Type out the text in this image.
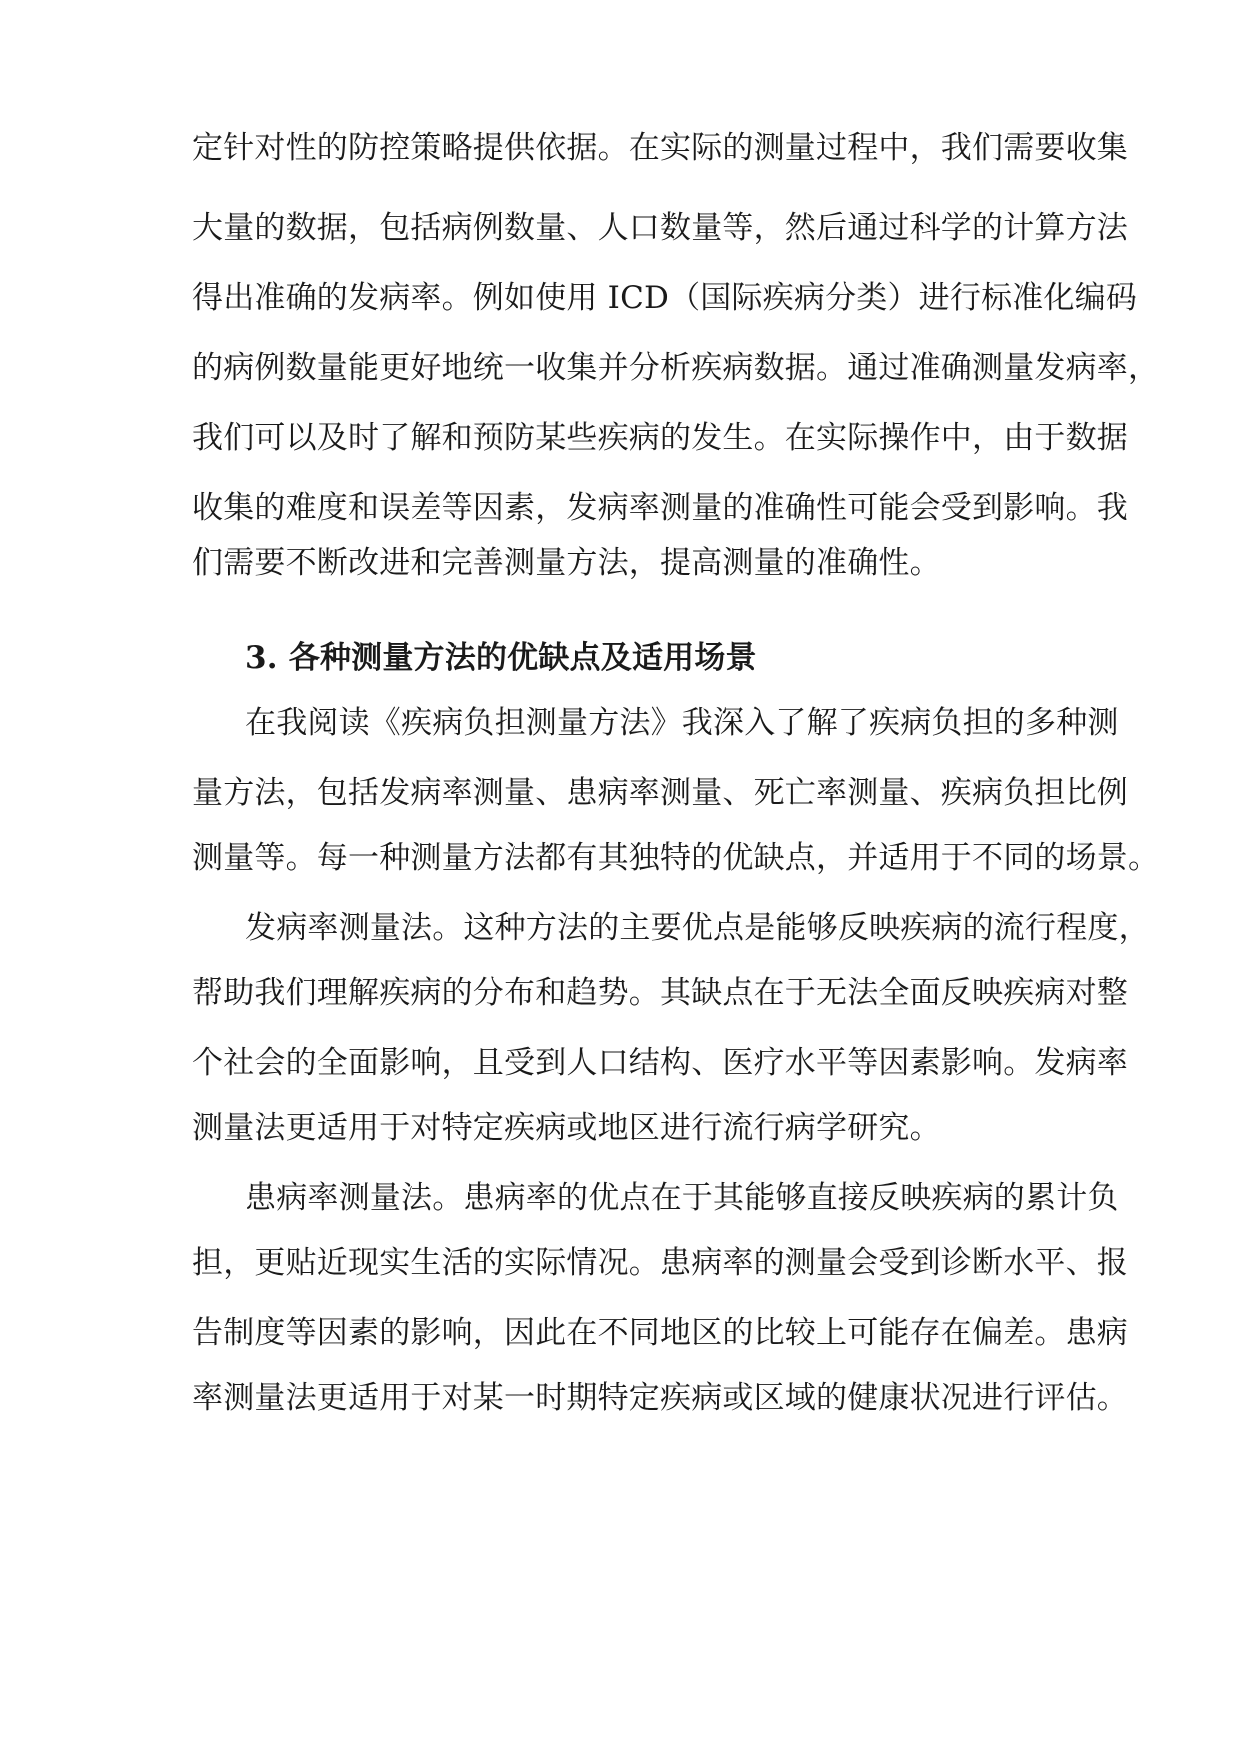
定针对性的防控策略提供依据。在实际的测量过程中，我们需要收集
大量的数据，包括病例数量、人口数量等，然后通过科学的计算方法
得出准确的发病率。例如使用 ICD（国际疾病分类）进行标准化编码
的病例数量能更好地统一收集并分析疾病数据。通过准确测量发病率，
我们可以及时了解和预防某些疾病的发生。在实际操作中，由于数据
收集的难度和误差等因素，发病率测量的准确性可能会受到影响。我
们需要不断改进和完善测量方法，提高测量的准确性。
3. 各种测量方法的优缺点及适用场景
在我阅读《疾病负担测量方法》我深入了解了疾病负担的多种测
量方法，包括发病率测量、患病率测量、死亡率测量、疾病负担比例
测量等。每一种测量方法都有其独特的优缺点，并适用于不同的场景。
发病率测量法。这种方法的主要优点是能够反映疾病的流行程度，
帮助我们理解疾病的分布和趋势。其缺点在于无法全面反映疾病对整
个社会的全面影响，且受到人口结构、医疗水平等因素影响。发病率
测量法更适用于对特定疾病或地区进行流行病学研究。
患病率测量法。患病率的优点在于其能够直接反映疾病的累计负
担，更贴近现实生活的实际情况。患病率的测量会受到诊断水平、报
告制度等因素的影响，因此在不同地区的比较上可能存在偏差。患病
率测量法更适用于对某一时期特定疾病或区域的健康状况进行评估。
